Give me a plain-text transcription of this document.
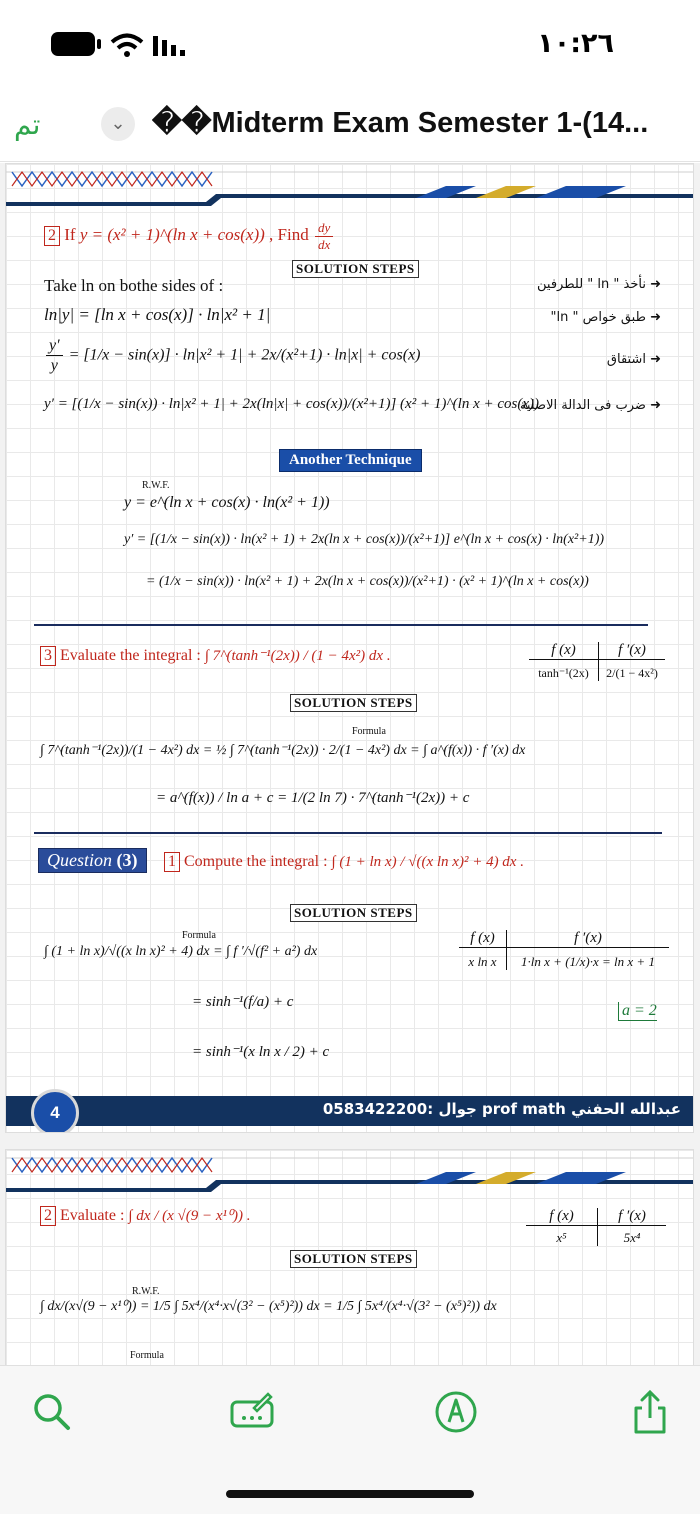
١٠:٢٦
تم	⌄ ��Midterm Exam Semester 1-(14...
2 If y = (x² + 1)^(ln x + cos(x)) , Find $\frac{dy}{dx}$
SOLUTION STEPS
Take ln on bothe sides of :
ln|y| = [ln x + cos(x)] · ln|x² + 1|
$\frac{y'}{y} = [1/x - \sin(x)] \cdot \ln|x^2 + 1| + 2x/(x^2+1) \cdot \ln|x| + \cos(x)$
y′ = [(1/x − sin(x)) · ln|x² + 1| + 2x(ln|x| + cos(x))/(x²+1)] (x² + 1)^(ln x + cos(x))
➜ نأخذ " ln " للطرفين
➜ طبق خواص " ln"
➜ اشتقاق
➜ ضرب فى الدالة الاصلية
Another Technique
R.W.F.
y = e^(ln x + cos(x) · ln(x² + 1))
y′ = [(1/x − sin(x)) · ln(x² + 1) + 2x(ln x + cos(x))/(x²+1)] e^(ln x + cos(x) · ln(x²+1))
= (1/x − sin(x)) · ln(x² + 1) + 2x(ln x + cos(x))/(x²+1) · (x² + 1)^(ln x + cos(x))
3 Evaluate the integral : ∫ 7^(tanh⁻¹(2x)) / (1 − 4x²) dx .	f (x)	f ′(x)
tanh⁻¹(2x)	2/(1 − 4x²)
SOLUTION STEPS
Formula
∫ 7^(tanh⁻¹(2x))/(1 − 4x²) dx = ½ ∫ 7^(tanh⁻¹(2x)) · 2/(1 − 4x²) dx = ∫ a^(f(x)) · f ′(x) dx
= a^(f(x)) / ln a + c = 1/(2 ln 7) · 7^(tanh⁻¹(2x)) + c
Question (3)	1 Compute the integral : ∫ (1 + ln x) / √((x ln x)² + 4) dx .
SOLUTION STEPS
Formula
∫ (1 + ln x)/√((x ln x)² + 4) dx = ∫ f ′/√(f² + a²) dx
= sinh⁻¹(f/a) + c
= sinh⁻¹(x ln x / 2) + c
f (x)	f ′(x)
x ln x	1·ln x + (1/x)·x = ln x + 1
a = 2
عبدالله الحفني prof math جوال :0583422200
4
2 Evaluate : ∫ dx / (x √(9 − x¹⁰)) .	f (x)	f ′(x)
x⁵	5x⁴
SOLUTION STEPS
R.W.F.
∫ dx/(x√(9 − x¹⁰)) = 1/5 ∫ 5x⁴/(x⁴·x√(3² − (x⁵)²)) dx = 1/5 ∫ 5x⁴/(x⁴·√(3² − (x⁵)²)) dx
Formula
